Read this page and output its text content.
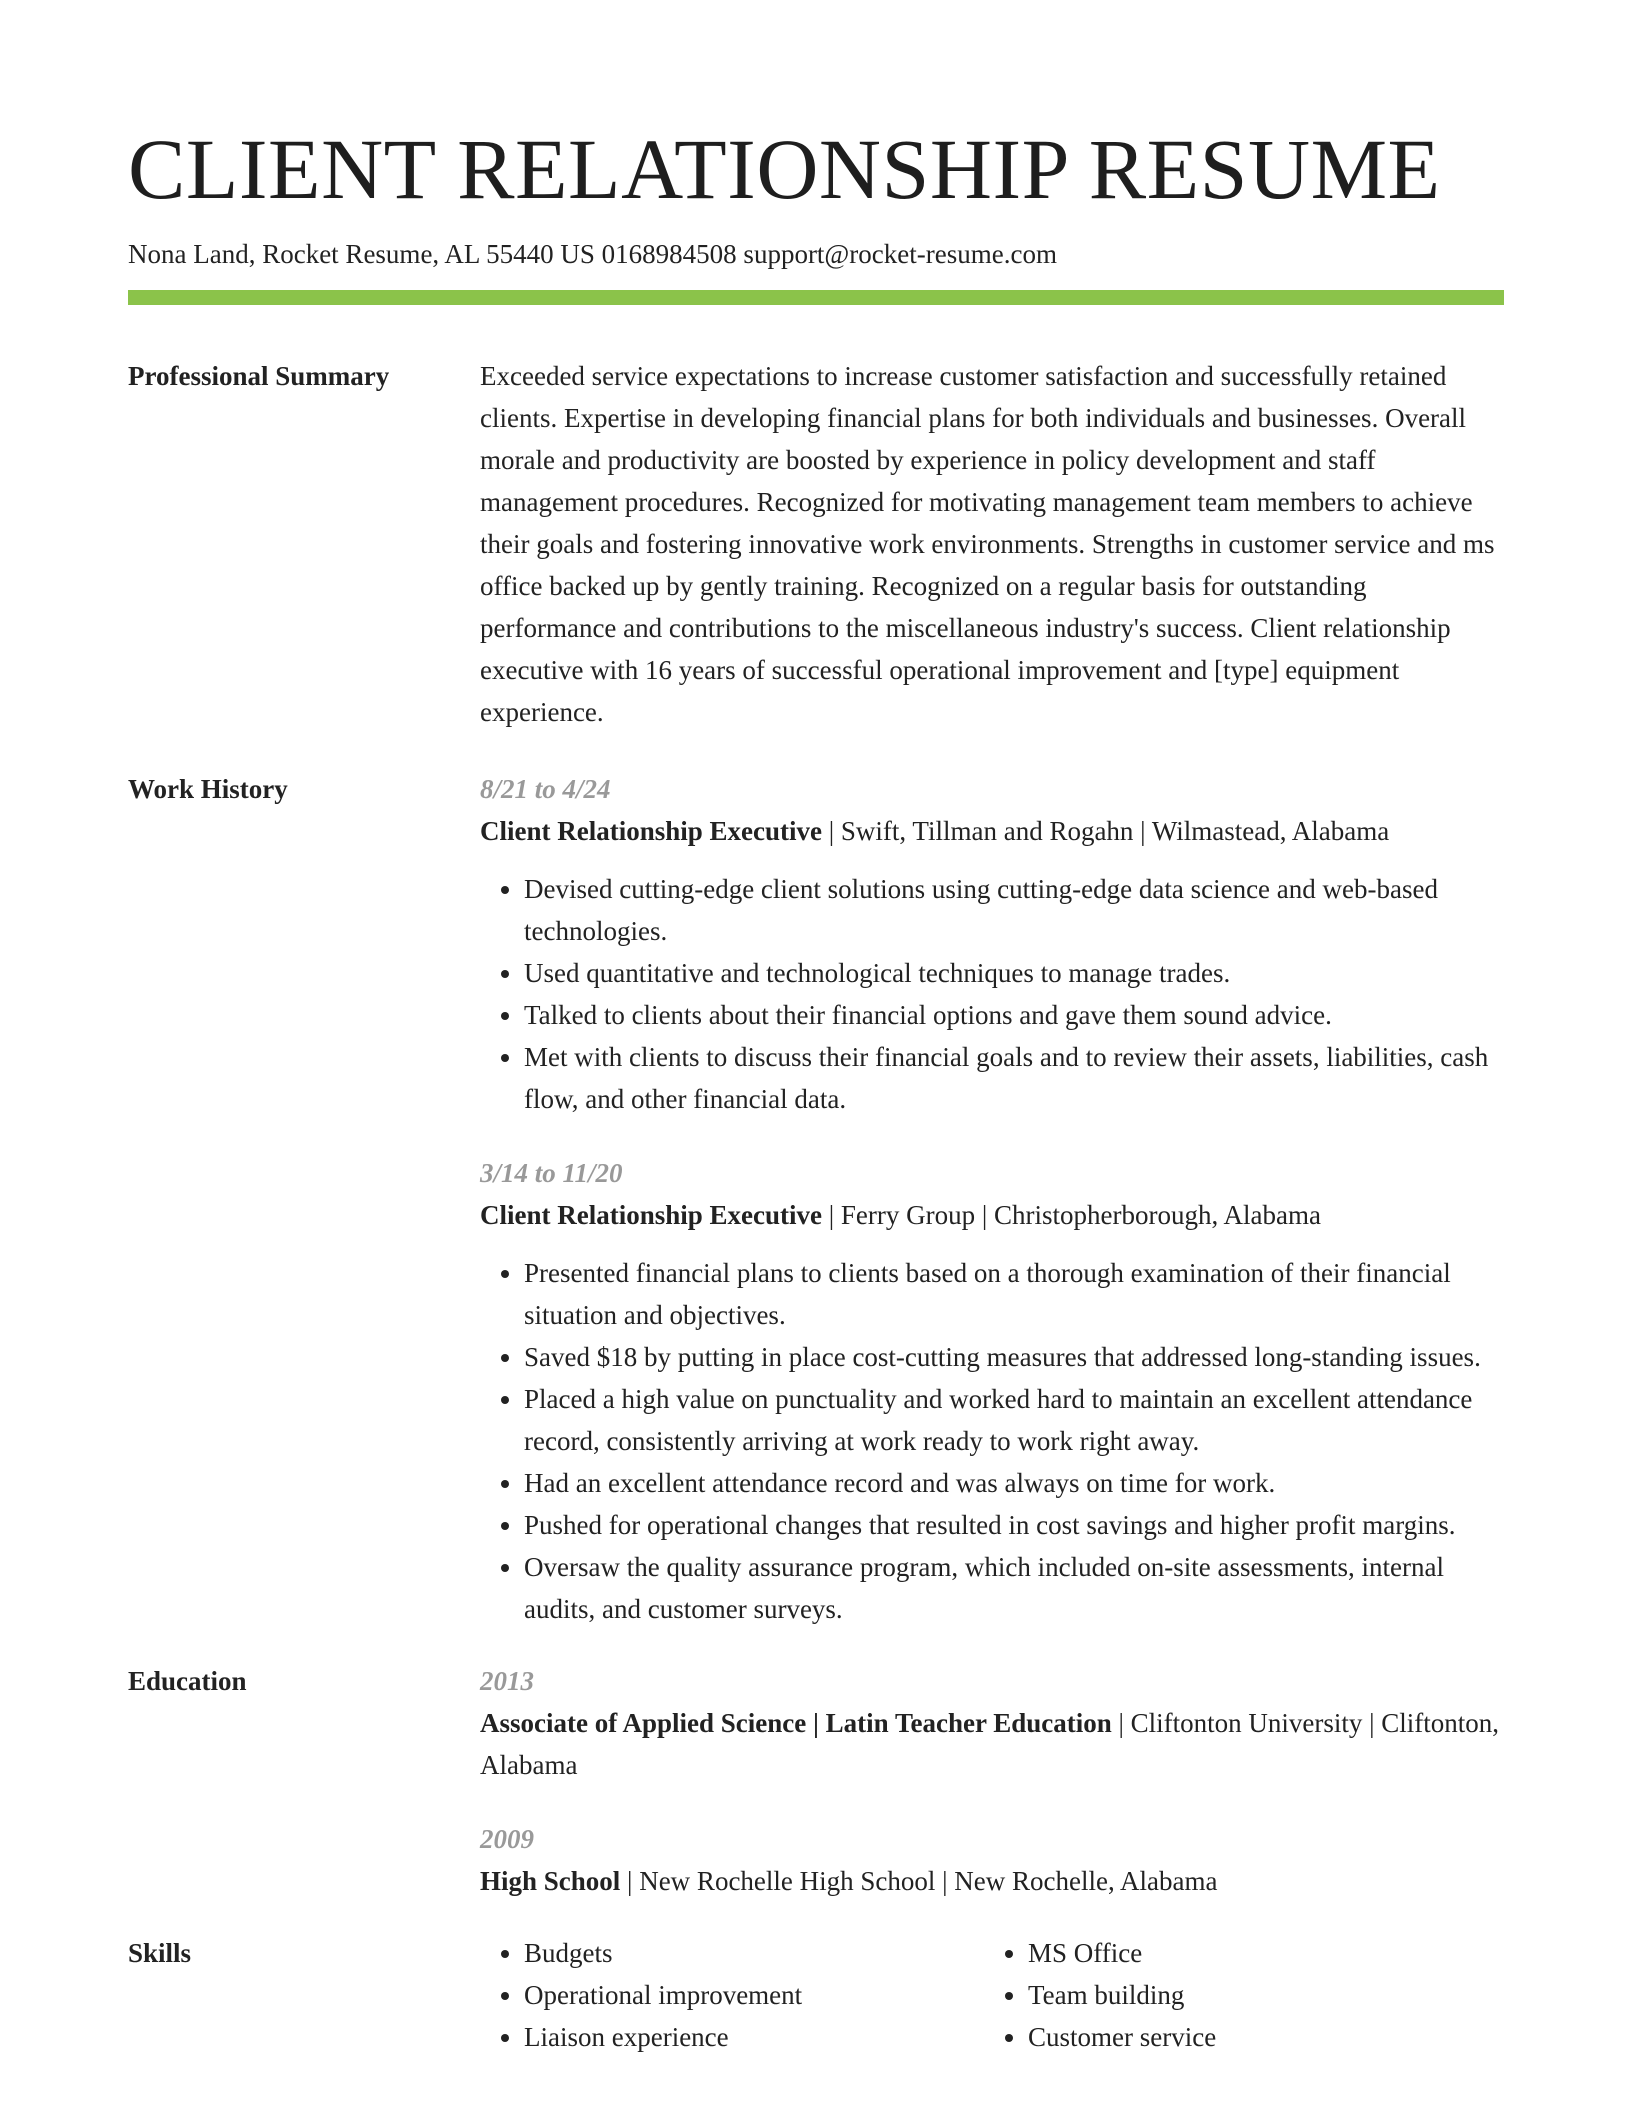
CLIENT RELATIONSHIP RESUME
Nona Land, Rocket Resume, AL 55440 US 0168984508 support@rocket-resume.com
Professional Summary	Exceeded service expectations to increase customer satisfaction and successfully retained clients. Expertise in developing financial plans for both individuals and businesses. Overall morale and productivity are boosted by experience in policy development and staff management procedures. Recognized for motivating management team members to achieve their goals and fostering innovative work environments. Strengths in customer service and ms office backed up by gently training. Recognized on a regular basis for outstanding performance and contributions to the miscellaneous industry's success. Client relationship executive with 16 years of successful operational improvement and [type] equipment experience.
Work History	8/21 to 4/24
Client Relationship Executive | Swift, Tillman and Rogahn | Wilmastead, Alabama
• Devised cutting-edge client solutions using cutting-edge data science and web-based technologies.
• Used quantitative and technological techniques to manage trades.
• Talked to clients about their financial options and gave them sound advice.
• Met with clients to discuss their financial goals and to review their assets, liabilities, cash flow, and other financial data.
3/14 to 11/20
Client Relationship Executive | Ferry Group | Christopherborough, Alabama
• Presented financial plans to clients based on a thorough examination of their financial situation and objectives.
• Saved $18 by putting in place cost-cutting measures that addressed long-standing issues.
• Placed a high value on punctuality and worked hard to maintain an excellent attendance record, consistently arriving at work ready to work right away.
• Had an excellent attendance record and was always on time for work.
• Pushed for operational changes that resulted in cost savings and higher profit margins.
• Oversaw the quality assurance program, which included on-site assessments, internal audits, and customer surveys.
Education	2013
Associate of Applied Science | Latin Teacher Education | Cliftonton University | Cliftonton, Alabama
2009
High School | New Rochelle High School | New Rochelle, Alabama
Skills
•	Budgets
• Operational improvement
• Liaison experience
• MS Office
• Team building
• Customer service
